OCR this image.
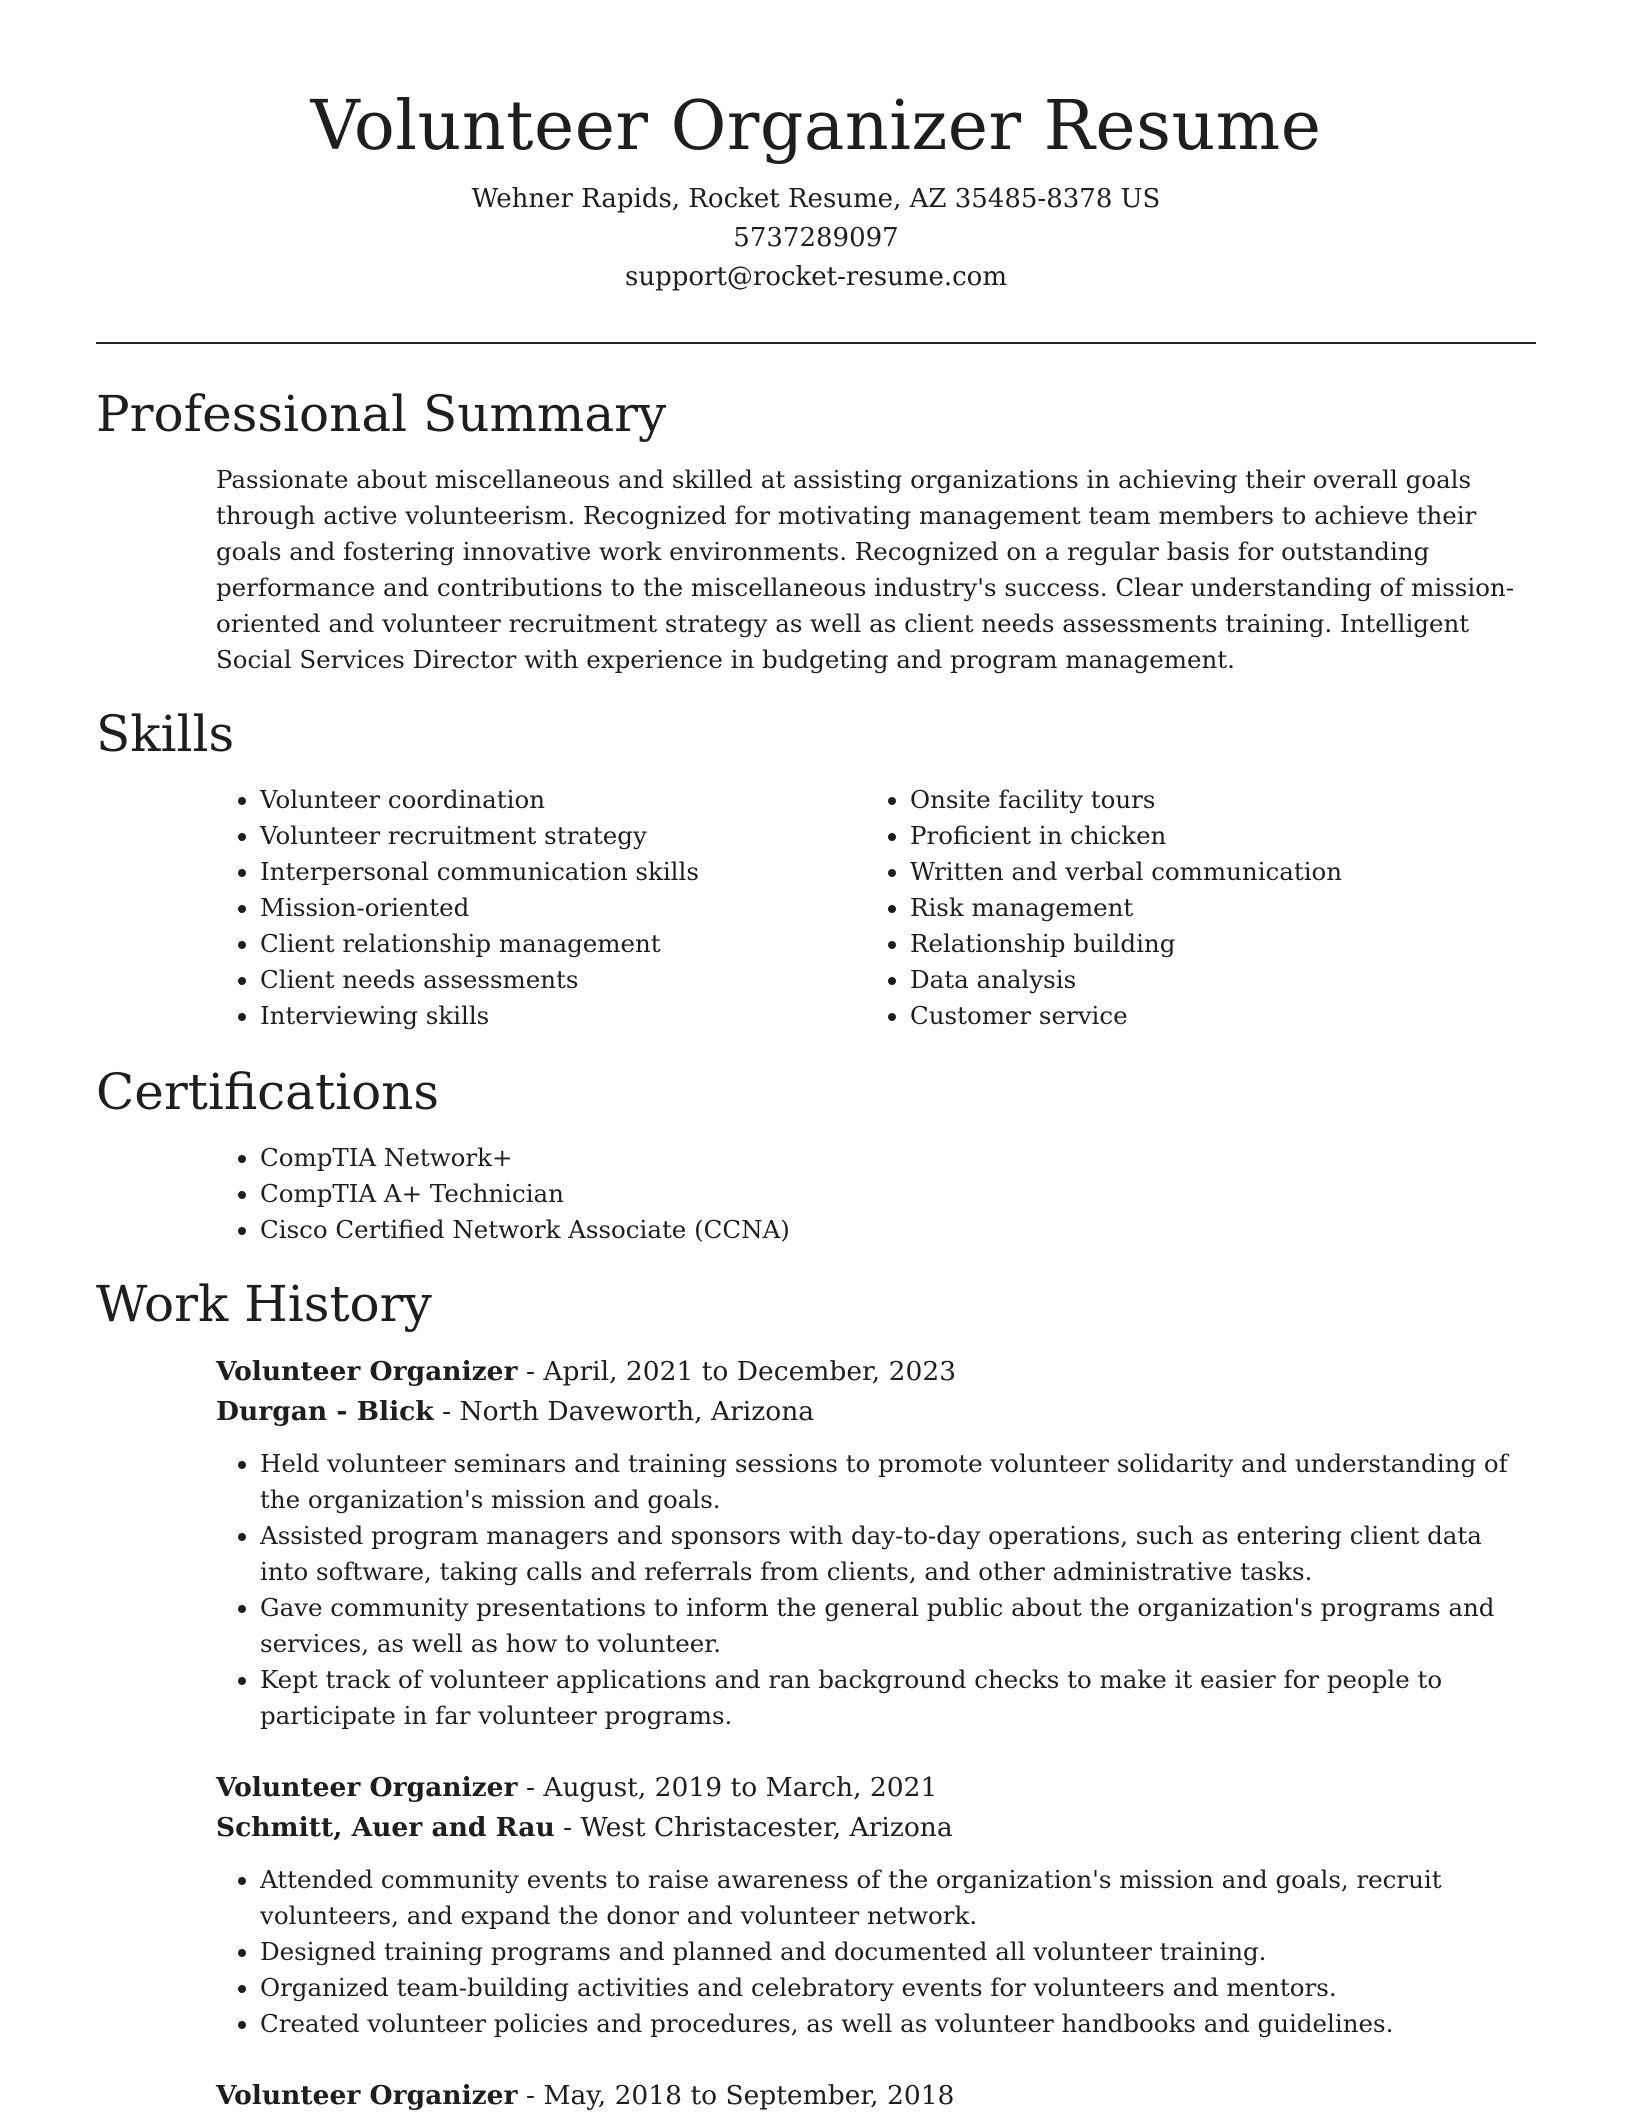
Volunteer Organizer Resume
Wehner Rapids, Rocket Resume, AZ 35485-8378 US
5737289097
support@rocket-resume.com
Professional Summary

Passionate about miscellaneous and skilled at assisting organizations in achieving their overall goals through active volunteerism. Recognized for motivating management team members to achieve their goals and fostering innovative work environments. Recognized on a regular basis for outstanding performance and contributions to the miscellaneous industry's success. Clear understanding of mission-oriented and volunteer recruitment strategy as well as client needs assessments training. Intelligent Social Services Director with experience in budgeting and program management.

Skills
• Volunteer coordination
• Volunteer recruitment strategy
• Interpersonal communication skills
• Mission-oriented
• Client relationship management
• Client needs assessments
• Interviewing skills
• Onsite facility tours
• Proficient in chicken
• Written and verbal communication
• Risk management
• Relationship building
• Data analysis
• Customer service
Certifications
• CompTIA Network+
• CompTIA A+ Technician
• Cisco Certified Network Associate (CCNA)
Work History
Volunteer Organizer - April, 2021 to December, 2023
Durgan - Blick - North Daveworth, Arizona
• Held volunteer seminars and training sessions to promote volunteer solidarity and understanding of the organization's mission and goals.
• Assisted program managers and sponsors with day-to-day operations, such as entering client data into software, taking calls and referrals from clients, and other administrative tasks.
• Gave community presentations to inform the general public about the organization's programs and services, as well as how to volunteer.
• Kept track of volunteer applications and ran background checks to make it easier for people to participate in far volunteer programs.
Volunteer Organizer - August, 2019 to March, 2021
Schmitt, Auer and Rau - West Christacester, Arizona
• Attended community events to raise awareness of the organization's mission and goals, recruit volunteers, and expand the donor and volunteer network.
• Designed training programs and planned and documented all volunteer training.
• Organized team-building activities and celebratory events for volunteers and mentors.
• Created volunteer policies and procedures, as well as volunteer handbooks and guidelines.
Volunteer Organizer - May, 2018 to September, 2018
